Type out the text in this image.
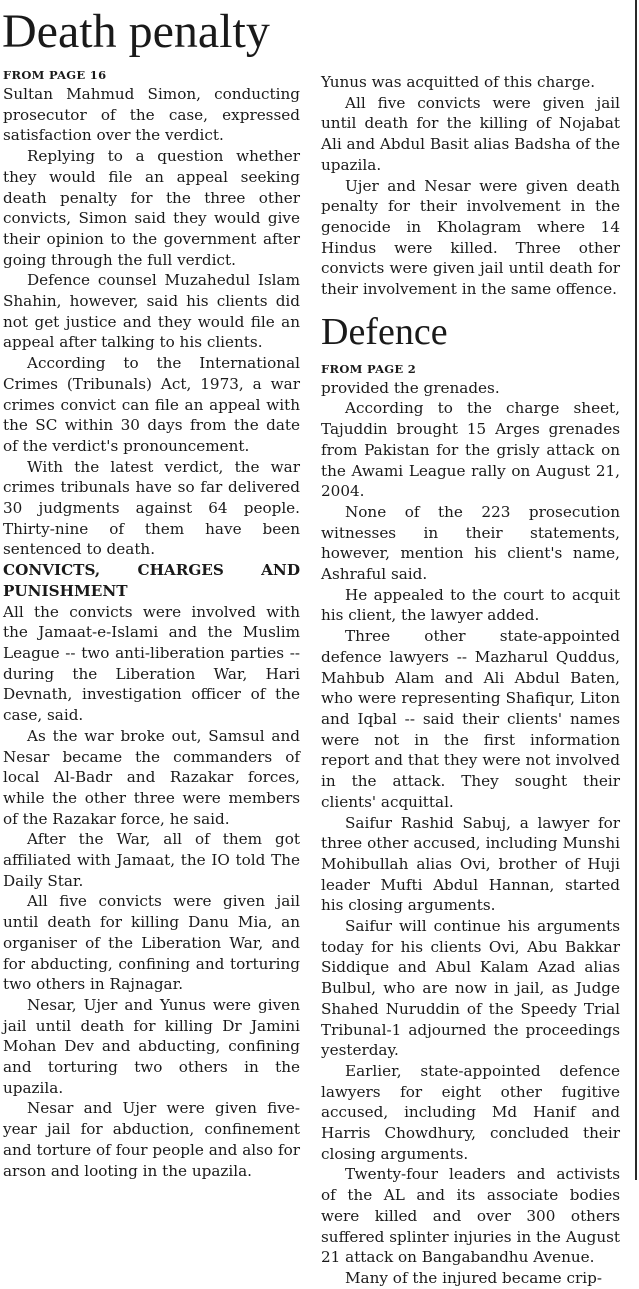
Death penalty
FROM PAGE 16

Sultan Mahmud Simon, conducting prosecutor of the case, expressed satisfaction over the verdict.

Replying to a question whether they would file an appeal seeking death penalty for the three other convicts, Simon said they would give their opinion to the government after going through the full verdict.

Defence counsel Muzahedul Islam Shahin, however, said his clients did not get justice and they would file an appeal after talking to his clients.

According to the International Crimes (Tribunals) Act, 1973, a war crimes convict can file an appeal with the SC within 30 days from the date of the verdict's pronouncement.

With the latest verdict, the war crimes tribunals have so far delivered 30 judgments against 64 people. Thirty-nine of them have been sentenced to death.

CONVICTS, CHARGES AND PUNISHMENT

All the convicts were involved with the Jamaat-e-Islami and the Muslim League -- two anti-liberation parties -- during the Liberation War, Hari Devnath, investigation officer of the case, said.

As the war broke out, Samsul and Nesar became the commanders of local Al-Badr and Razakar forces, while the other three were members of the Razakar force, he said.

After the War, all of them got affiliated with Jamaat, the IO told The Daily Star.

All five convicts were given jail until death for killing Danu Mia, an organiser of the Liberation War, and for abducting, confining and torturing two others in Rajnagar.

Nesar, Ujer and Yunus were given jail until death for killing Dr Jamini Mohan Dev and abducting, confining and torturing two others in the upazila.

Nesar and Ujer were given five-year jail for abduction, confinement and torture of four people and also for arson and looting in the upazila.

Yunus was acquitted of this charge.

All five convicts were given jail until death for the killing of Nojabat Ali and Abdul Basit alias Badsha of the upazila.

Ujer and Nesar were given death penalty for their involvement in the genocide in Kholagram where 14 Hindus were killed. Three other convicts were given jail until death for their involvement in the same offence.

Defence
FROM PAGE 2

provided the grenades.

According to the charge sheet, Tajuddin brought 15 Arges grenades from Pakistan for the grisly attack on the Awami League rally on August 21, 2004.

None of the 223 prosecution witnesses in their statements, however, mention his client's name, Ashraful said.

He appealed to the court to acquit his client, the lawyer added.

Three other state-appointed defence lawyers -- Mazharul Quddus, Mahbub Alam and Ali Abdul Baten, who were representing Shafiqur, Liton and Iqbal -- said their clients' names were not in the first information report and that they were not involved in the attack. They sought their clients' acquittal.

Saifur Rashid Sabuj, a lawyer for three other accused, including Munshi Mohibullah alias Ovi, brother of Huji leader Mufti Abdul Hannan, started his closing arguments.

Saifur will continue his arguments today for his clients Ovi, Abu Bakkar Siddique and Abul Kalam Azad alias Bulbul, who are now in jail, as Judge Shahed Nuruddin of the Speedy Trial Tribunal-1 adjourned the proceedings yesterday.

Earlier, state-appointed defence lawyers for eight other fugitive accused, including Md Hanif and Harris Chowdhury, concluded their closing arguments.

Twenty-four leaders and activists of the AL and its associate bodies were killed and over 300 others suffered splinter injuries in the August 21 attack on Bangabandhu Avenue.

Many of the injured became crip-
